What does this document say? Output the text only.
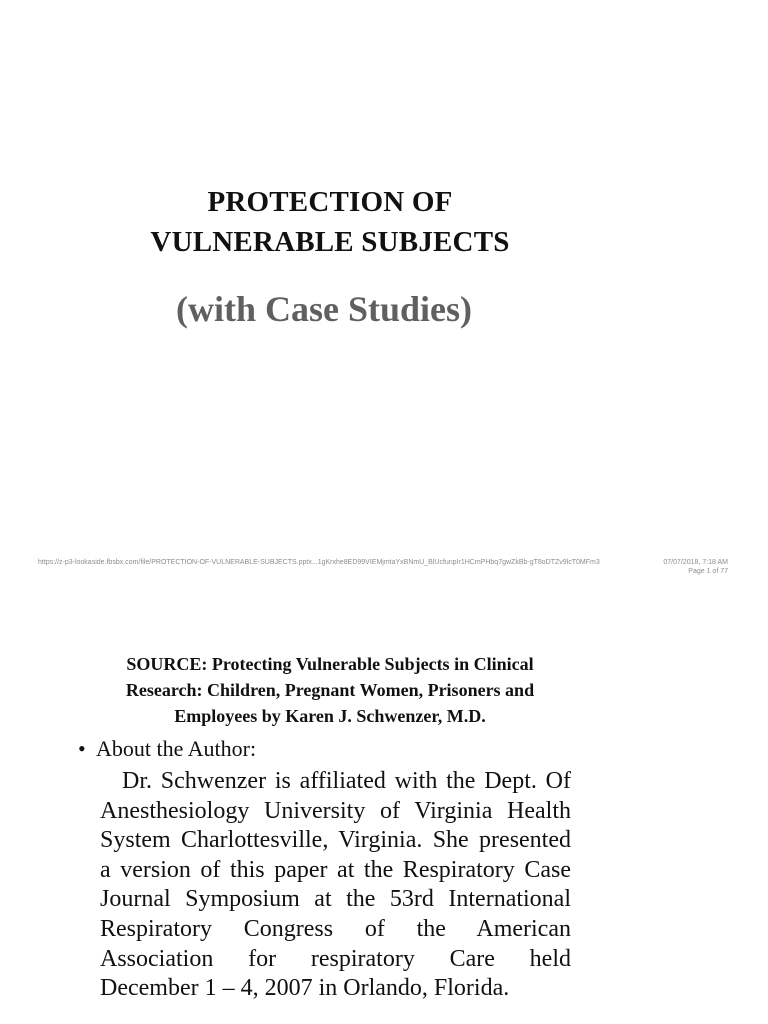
PROTECTION OF
VULNERABLE SUBJECTS
(with Case Studies)
https://z-p3-lookaside.fbsbx.com/file/PROTECTION-OF-VULNERABLE-SUBJECTS.pptx...1gKrxhe8ED99VIEMjmtaYxBNmU_BlUcfunpIr1HCmPHbq7gwZkBb-gT8oDTZv9lcT0MFm3	07/07/2018, 7:18 AM
Page 1 of 77
SOURCE: Protecting Vulnerable Subjects in Clinical
Research: Children, Pregnant Women, Prisoners and
Employees by Karen J. Schwenzer, M.D.
• About the Author:
Dr. Schwenzer is affiliated with the Dept. Of
Anesthesiology University of Virginia Health
System Charlottesville, Virginia. She presented
a version of this paper at the Respiratory Case
Journal Symposium at the 53rd International
Respiratory Congress of the American
Association for respiratory Care held
December 1 – 4, 2007 in Orlando, Florida.
